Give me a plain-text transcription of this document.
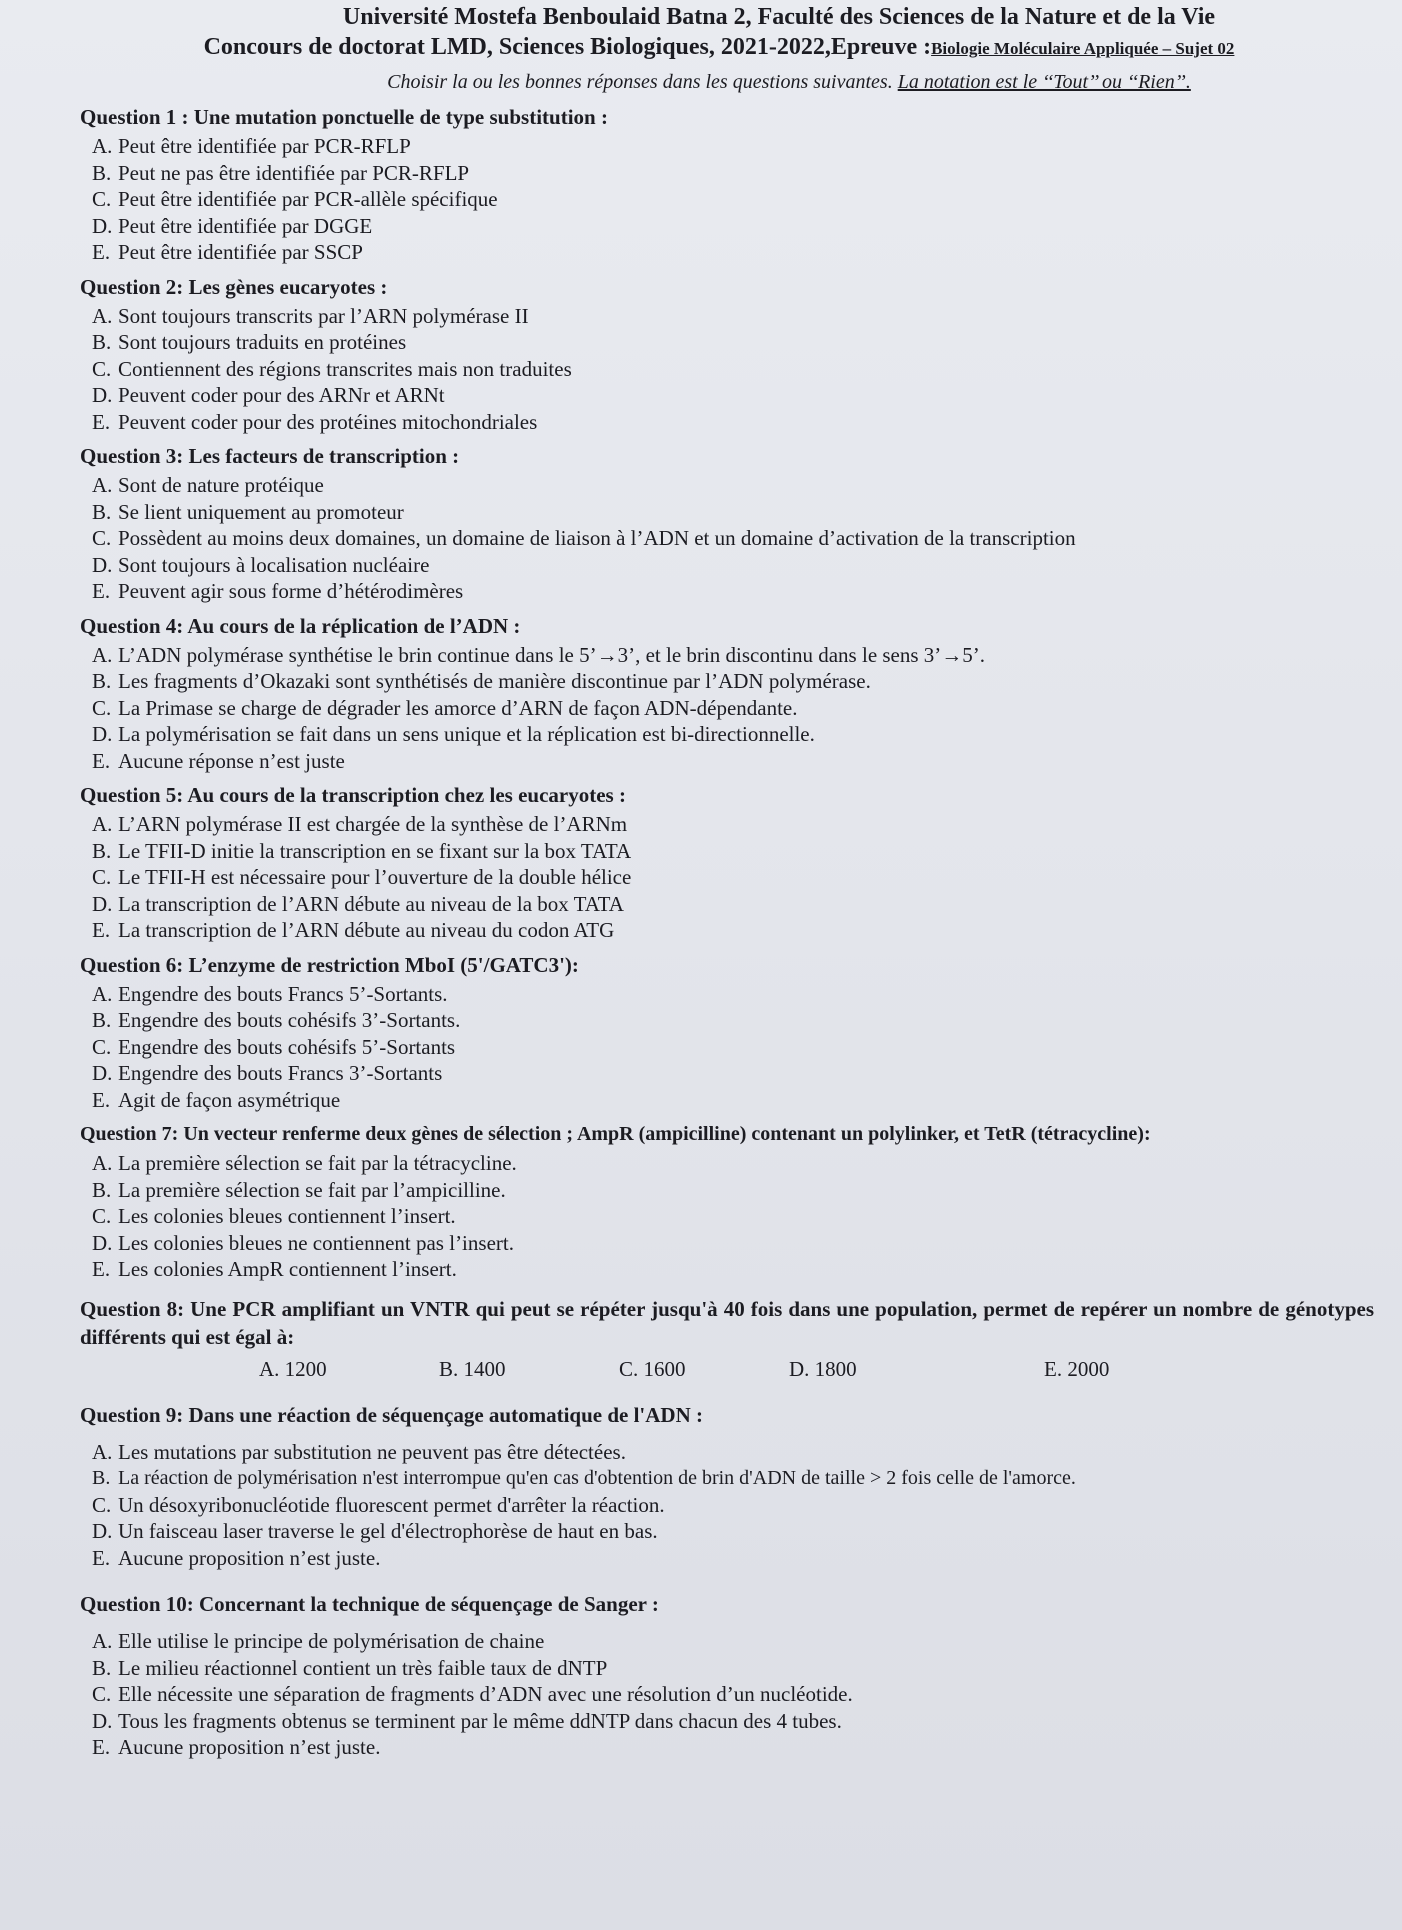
Université Mostefa Benboulaid Batna 2, Faculté des Sciences de la Nature et de la Vie

Concours de doctorat LMD, Sciences Biologiques, 2021-2022,Epreuve :Biologie Moléculaire Appliquée – Sujet 02

Choisir la ou les bonnes réponses dans les questions suivantes. La notation est le ‘‘Tout’’ ou ‘‘Rien’’.

Question 1 : Une mutation ponctuelle de type substitution :

A. Peut être identifiée par PCR-RFLP
B. Peut ne pas être identifiée par PCR-RFLP
C. Peut être identifiée par PCR-allèle spécifique
D. Peut être identifiée par DGGE
E. Peut être identifiée par SSCP

Question 2: Les gènes eucaryotes :

A. Sont toujours transcrits par l’ARN polymérase II
B. Sont toujours traduits en protéines
C. Contiennent des régions transcrites mais non traduites
D. Peuvent coder pour des ARNr et ARNt
E. Peuvent coder pour des protéines mitochondriales

Question 3: Les facteurs de transcription :

A. Sont de nature protéique
B. Se lient uniquement au promoteur
C. Possèdent au moins deux domaines, un domaine de liaison à l’ADN et un domaine d’activation de la transcription
D. Sont toujours à localisation nucléaire
E. Peuvent agir sous forme d’hétérodimères

Question 4: Au cours de la réplication de l’ADN :

A. L’ADN polymérase synthétise le brin continue dans le 5’→3’, et le brin discontinu dans le sens 3’→5’.
B. Les fragments d’Okazaki sont synthétisés de manière discontinue par l’ADN polymérase.
C. La Primase se charge de dégrader les amorce d’ARN de façon ADN-dépendante.
D. La polymérisation se fait dans un sens unique et la réplication est bi-directionnelle.
E. Aucune réponse n’est juste

Question 5: Au cours de la transcription chez les eucaryotes :

A. L’ARN polymérase II est chargée de la synthèse de l’ARNm
B. Le TFII-D initie la transcription en se fixant sur la box TATA
C. Le TFII-H est nécessaire pour l’ouverture de la double hélice
D. La transcription de l’ARN débute au niveau de la box TATA
E. La transcription de l’ARN débute au niveau du codon ATG

Question 6: L’enzyme de restriction MboI (5'/GATC3'):

A. Engendre des bouts Francs 5’-Sortants.
B. Engendre des bouts cohésifs 3’-Sortants.
C. Engendre des bouts cohésifs 5’-Sortants
D. Engendre des bouts Francs 3’-Sortants
E. Agit de façon asymétrique

Question 7: Un vecteur renferme deux gènes de sélection ; AmpR (ampicilline) contenant un polylinker, et TetR (tétracycline):

A. La première sélection se fait par la tétracycline.
B. La première sélection se fait par l’ampicilline.
C. Les colonies bleues contiennent l’insert.
D. Les colonies bleues ne contiennent pas l’insert.
E. Les colonies AmpR contiennent l’insert.

Question 8: Une PCR amplifiant un VNTR qui peut se répéter jusqu'à 40 fois dans une population, permet de repérer un nombre de génotypes différents qui est égal à:

A. 1200	B. 1400	C. 1600	D. 1800	E. 2000

Question 9: Dans une réaction de séquençage automatique de l'ADN :

A. Les mutations par substitution ne peuvent pas être détectées.
B. La réaction de polymérisation n'est interrompue qu'en cas d'obtention de brin d'ADN de taille > 2 fois celle de l'amorce.
C. Un désoxyribonucléotide fluorescent permet d'arrêter la réaction.
D. Un faisceau laser traverse le gel d'électrophorèse de haut en bas.
E. Aucune proposition n’est juste.

Question 10: Concernant la technique de séquençage de Sanger :

A. Elle utilise le principe de polymérisation de chaine
B. Le milieu réactionnel contient un très faible taux de dNTP
C. Elle nécessite une séparation de fragments d’ADN avec une résolution d’un nucléotide.
D. Tous les fragments obtenus se terminent par le même ddNTP dans chacun des 4 tubes.
E. Aucune proposition n’est juste.
